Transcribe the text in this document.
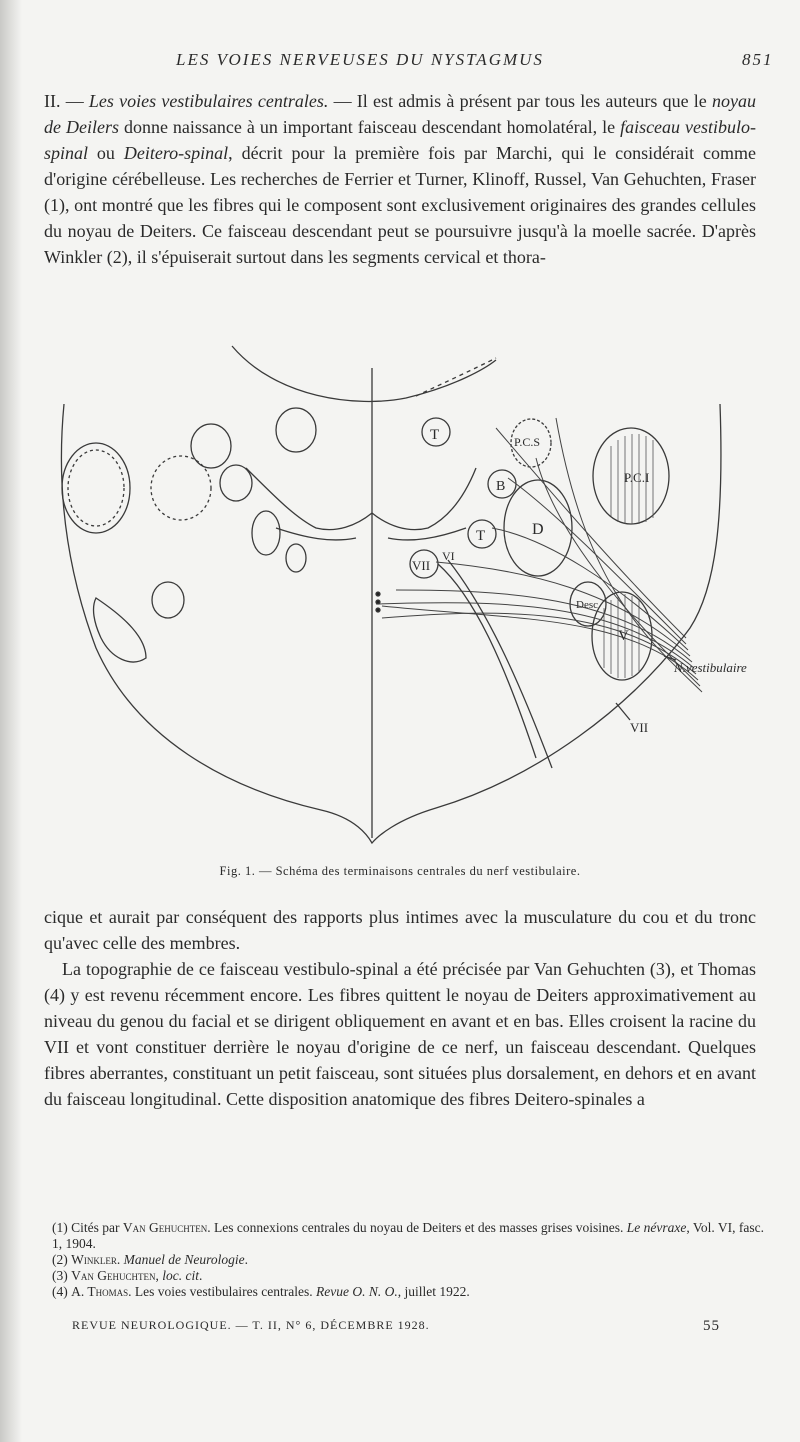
LES VOIES NERVEUSES DU NYSTAGMUS	851

II. — Les voies vestibulaires centrales. — Il est admis à présent par tous les auteurs que le noyau de Deilers donne naissance à un important faisceau descendant homolatéral, le faisceau vestibulo-spinal ou Deitero-spinal, décrit pour la première fois par Marchi, qui le considérait comme d'origine cérébelleuse. Les recherches de Ferrier et Turner, Klinoff, Russel, Van Gehuchten, Fraser (1), ont montré que les fibres qui le composent sont exclusivement originaires des grandes cellules du noyau de Deiters. Ce faisceau descendant peut se poursuivre jusqu'à la moelle sacrée. D'après Winkler (2), il s'épuiserait surtout dans les segments cervical et thora-

T	P.C.S
P.C.I
B
T	D
VII
VI
Desc
V
N.vestibulaire
VII
Fig. 1. — Schéma des terminaisons centrales du nerf vestibulaire.

cique et aurait par conséquent des rapports plus intimes avec la musculature du cou et du tronc qu'avec celle des membres.

La topographie de ce faisceau vestibulo-spinal a été précisée par Van Gehuchten (3), et Thomas (4) y est revenu récemment encore. Les fibres quittent le noyau de Deiters approximativement au niveau du genou du facial et se dirigent obliquement en avant et en bas. Elles croisent la racine du VII et vont constituer derrière le noyau d'origine de ce nerf, un faisceau descendant. Quelques fibres aberrantes, constituant un petit faisceau, sont situées plus dorsalement, en dehors et en avant du faisceau longitudinal. Cette disposition anatomique des fibres Deitero-spinales a

(1) Cités par Van Gehuchten. Les connexions centrales du noyau de Deiters et des masses grises voisines. Le névraxe, Vol. VI, fasc. 1, 1904.

(2) Winkler. Manuel de Neurologie.

(3) Van Gehuchten, loc. cit.

(4) A. Thomas. Les voies vestibulaires centrales. Revue O. N. O., juillet 1922.

REVUE NEUROLOGIQUE. — T. II, N° 6, DÉCEMBRE 1928.	55
